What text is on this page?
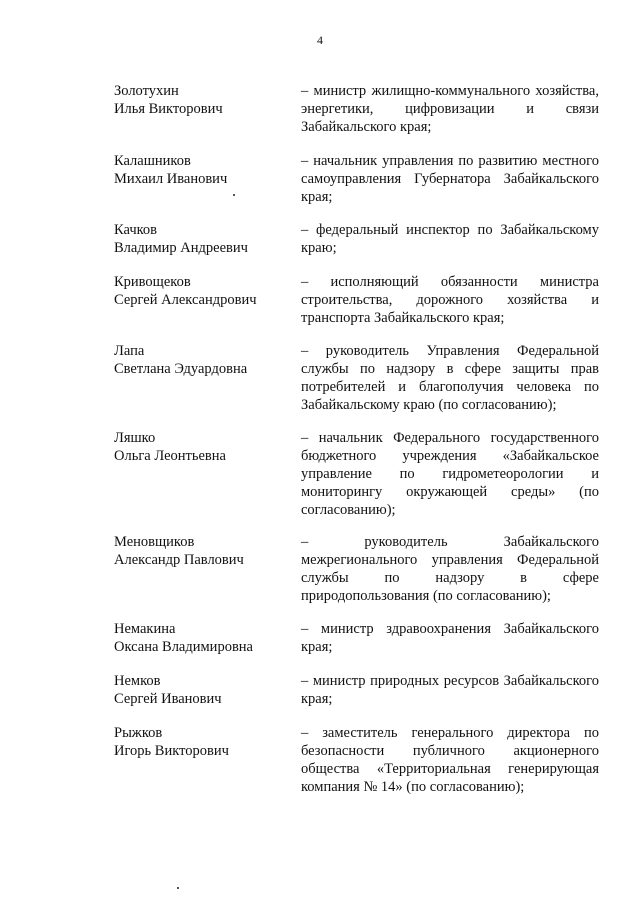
4
Золотухин
Илья Викторович
– министр жилищно-коммунального хозяйства, энергетики, цифровизации и связи Забайкальского края;
Калашников
Михаил Иванович
– начальник управления по развитию местного самоуправления Губернатора Забайкальского края;
Качков
Владимир Андреевич
– федеральный инспектор по Забайкальскому краю;
Кривощеков
Сергей Александрович
– исполняющий обязанности министра строительства, дорожного хозяйства и транспорта Забайкальского края;
Лапа
Светлана Эдуардовна
– руководитель Управления Федеральной службы по надзору в сфере защиты прав потребителей и благополучия человека по Забайкальскому краю (по согласованию);
Ляшко
Ольга Леонтьевна
– начальник Федерального государственного бюджетного учреждения «Забайкальское управление по гидрометеорологии и мониторингу окружающей среды» (по согласованию);
Меновщиков
Александр Павлович
– руководитель Забайкальского межрегионального управления Федеральной службы по надзору в сфере природопользования (по согласованию);
Немакина
Оксана Владимировна
– министр здравоохранения Забайкальского края;
Немков
Сергей Иванович
– министр природных ресурсов Забайкальского края;
Рыжков
Игорь Викторович
– заместитель генерального директора по безопасности публичного акционерного общества «Территориальная генерирующая компания № 14» (по согласованию);
